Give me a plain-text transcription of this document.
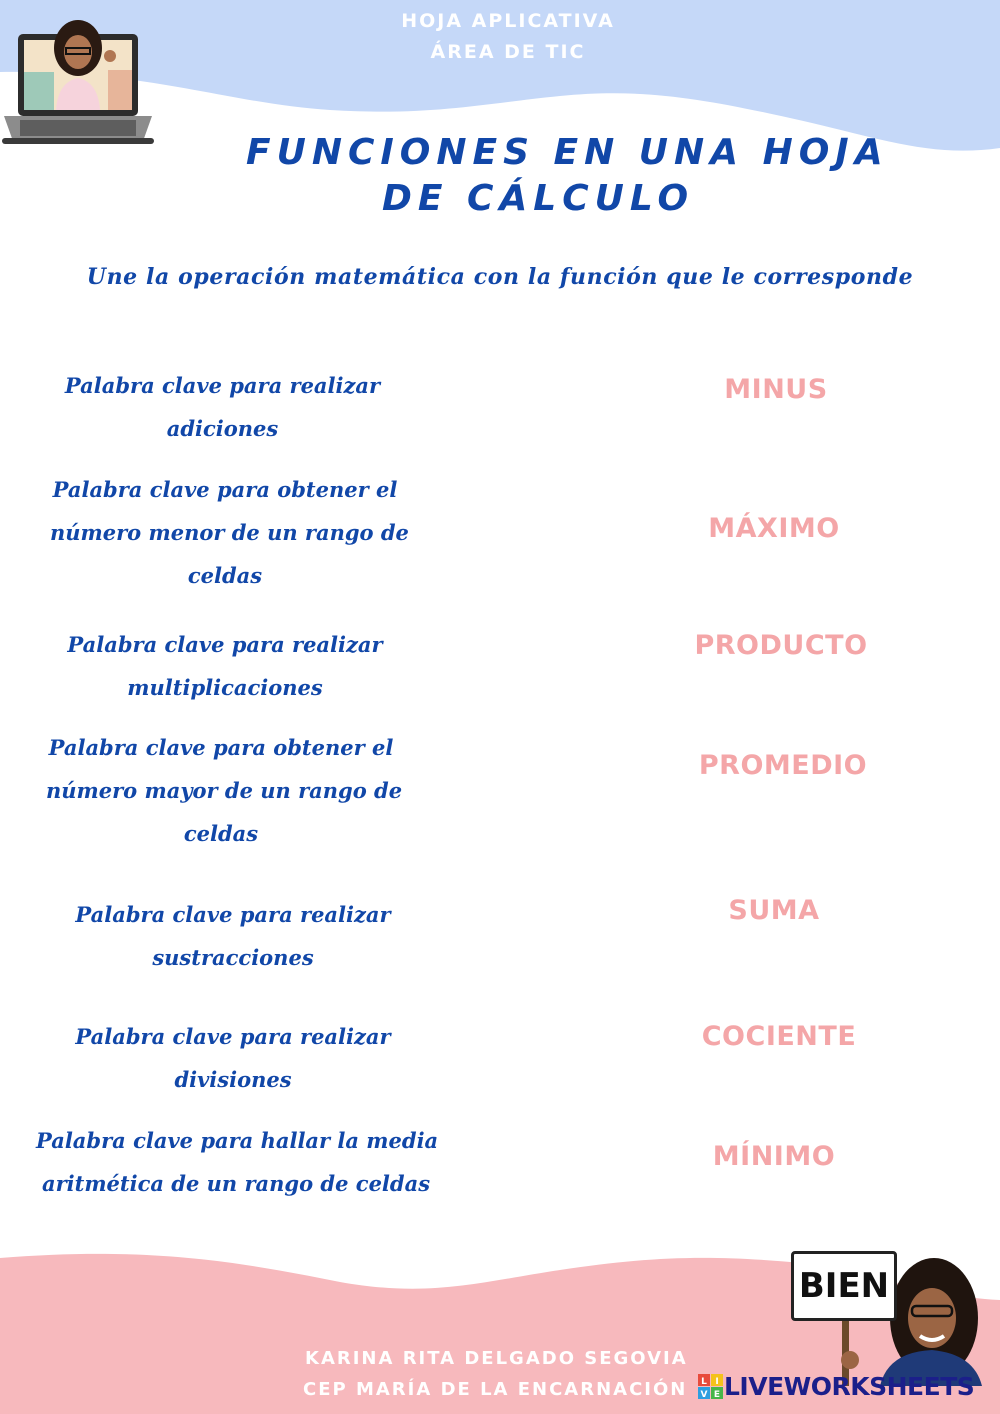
HOJA APLICATIVA
ÁREA DE TIC
FUNCIONES EN UNA HOJA
DE CÁLCULO
Une la operación matemática con la función que le corresponde
Palabra clave para realizar
adiciones
Palabra clave para obtener el
número menor de un rango de
celdas
Palabra clave para realizar
multiplicaciones
Palabra clave para obtener el
número mayor de un rango de
celdas
Palabra clave para realizar
sustracciones
Palabra clave para realizar
divisiones
Palabra clave para hallar la media
aritmética de un rango de celdas
MINUS
MÁXIMO
PRODUCTO
PROMEDIO
SUMA
COCIENTE
MÍNIMO
BIEN
KARINA RITA DELGADO SEGOVIA
CEP MARÍA DE LA ENCARNACIÓN L I
V E LIVEWORKSHEETS
